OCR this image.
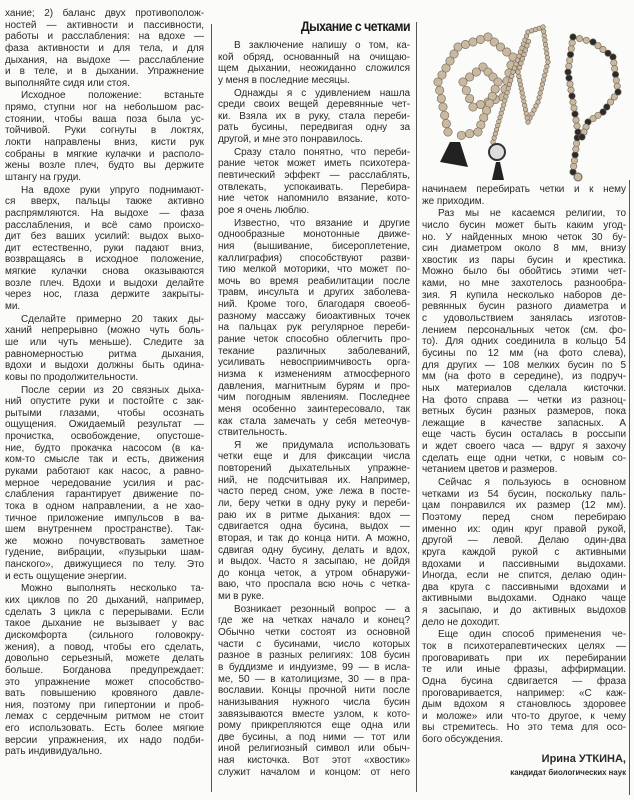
Дыхание с четками
хание; 2) баланс двух противополож-
ностей — активности и пассивности,
работы и расслабления: на вдохе —
фаза активности и для тела, и для
дыхания, на выдохе — расслабление
и в теле, и в дыхании. Упражнение
выполняйте сидя или стоя.
Исходное положение: встаньте
прямо, ступни ног на небольшом рас-
стоянии, чтобы ваша поза была ус-
тойчивой. Руки согнуты в локтях,
локти направлены вниз, кисти рук
собраны в мягкие кулачки и располо-
жены возле плеч, будто вы держите
штангу на груди.
На вдохе руки упруго поднимают-
ся вверх, пальцы также активно
распрямляются. На выдохе — фаза
расслабления, и всё само происхо-
дит без ваших усилий: выдох выхо-
дит естественно, руки падают вниз,
возвращаясь в исходное положение,
мягкие кулачки снова оказываются
возле плеч. Вдохи и выдохи делайте
через нос, глаза держите закрыты-
ми.
Сделайте примерно 20 таких ды-
ханий непрерывно (можно чуть боль-
ше или чуть меньше). Следите за
равномерностью ритма дыхания,
вдохи и выдохи должны быть одина-
ковы по продолжительности.
После серии из 20 связных дыха-
ний опустите руки и постойте с зак-
рытыми глазами, чтобы осознать
ощущения. Ожидаемый результат —
прочистка, освобождение, опустоше-
ние, будто прокачка насосом (в ка-
ком-то смысле так и есть, движения
руками работают как насос, а равно-
мерное чередование усилия и рас-
слабления гарантирует движение по-
тока в одном направлении, а не хао-
тичное приложение импульсов в ва-
шем внутреннем пространстве). Так-
же можно почувствовать заметное
гудение, вибрации, «пузырьки шам-
панского», движущиеся по телу. Это
и есть ощущение энергии.
Можно выполнять несколько та-
ких циклов по 20 дыханий, например,
сделать 3 цикла с перерывами. Если
такое дыхание не вызывает у вас
дискомфорта (сильного головокру-
жения), а повод, чтобы его сделать,
довольно серьезный, можете делать
больше. Богданова предупреждает:
это упражнение может способство-
вать повышению кровяного давле-
ния, поэтому при гипертонии и проб-
лемах с сердечным ритмом не стоит
его использовать. Есть более мягкие
версии упражнения, их надо подби-
рать индивидуально.
В заключение напишу о том, ка-
кой обряд, основанный на очищаю-
щем дыхании, неожиданно сложился
у меня в последние месяцы.
Однажды я с удивлением нашла
среди своих вещей деревянные чет-
ки. Взяла их в руку, стала переби-
рать бусины, передвигая одну за
другой, и мне это понравилось.
Сразу стало понятно, что переби-
рание четок может иметь психотера-
певтический эффект — расслаблять,
отвлекать, успокаивать. Перебира-
ние четок напомнило вязание, кото-
рое я очень люблю.
Известно, что вязание и другие
однообразные монотонные движе-
ния (вышивание, бисероплетение,
каллиграфия) способствуют разви-
тию мелкой моторики, что может по-
мочь во время реабилитации после
травм, инсульта и других заболева-
ний. Кроме того, благодаря своеоб-
разному массажу биоактивных точек
на пальцах рук регулярное переби-
рание четок способно облегчить про-
текание различных заболеваний,
усиливать невосприимчивость орга-
низма к изменениям атмосферного
давления, магнитным бурям и про-
чим погодным явлениям. Последнее
меня особенно заинтересовало, так
как стала замечать у себя метеочув-
ствительность.
Я же придумала использовать
четки еще и для фиксации числа
повторений дыхательных упражне-
ний, не подсчитывая их. Например,
часто перед сном, уже лежа в посте-
ли, беру четки в одну руку и переби-
раю их в ритме дыхания: вдох —
сдвигается одна бусина, выдох —
вторая, и так до конца нити. А можно,
сдвигая одну бусину, делать и вдох,
и выдох. Часто я засыпаю, не дойдя
до конца четок, а утром обнаружи-
ваю, что проспала всю ночь с четка-
ми в руке.
Возникает резонный вопрос — а
где же на четках начало и конец?
Обычно четки состоят из основной
части с бусинами, число которых
разное в разных религиях: 108 бусин
в буддизме и индуизме, 99 — в исла-
ме, 50 — в католицизме, 30 — в пра-
вославии. Концы прочной нити после
нанизывания нужного числа бусин
завязываются вместе узлом, к кото-
рому прикрепляются еще одна или
две бусины, а под ними — тот или
иной религиозный символ или обыч-
ная кисточка. Вот этот «хвостик»
служит началом и концом: от него
начинаем перебирать четки и к нему
же приходим.
Раз мы не касаемся религии, то
число бусин может быть каким угод-
но. У найденных мною четок 30 бу-
син диаметром около 8 мм, внизу
хвостик из пары бусин и крестика.
Можно было бы обойтись этими чет-
ками, но мне захотелось разнообра-
зия. Я купила несколько наборов де-
ревянных бусин разного диаметра и
с удовольствием занялась изготов-
лением персональных четок (см. фо-
то). Для одних соединила в кольцо 54
бусины по 12 мм (на фото слева),
для других — 108 мелких бусин по 5
мм (на фото в середине), из подруч-
ных материалов сделала кисточки.
На фото справа — четки из разноц-
ветных бусин разных размеров, пока
лежащие в качестве запасных. А
еще часть бусин осталась в россыпи
и ждет своего часа — вдруг я захочу
сделать еще одни четки, с новым со-
четанием цветов и размеров.
Сейчас я пользуюсь в основном
четками из 54 бусин, поскольку паль-
цам понравился их размер (12 мм).
Поэтому перед сном перебираю
именно их: один круг правой рукой,
другой — левой. Делаю один-два
круга каждой рукой с активными
вдохами и пассивными выдохами.
Иногда, если не спится, делаю один-
два круга с пассивными вдохами и
активными выдохами. Однако чаще
я засыпаю, и до активных выдохов
дело не доходит.
Еще один способ применения че-
ток в психотерапевтических целях —
проговаривать при их перебирании
те или иные фразы, аффирмации.
Одна бусина сдвигается — фраза
проговаривается, например: «С каж-
дым вдохом я становлюсь здоровее
и моложе» или что-то другое, к чему
вы стремитесь. Но это тема для осо-
бого обсуждения.
Ирина УТКИНА,
кандидат биологических наук
